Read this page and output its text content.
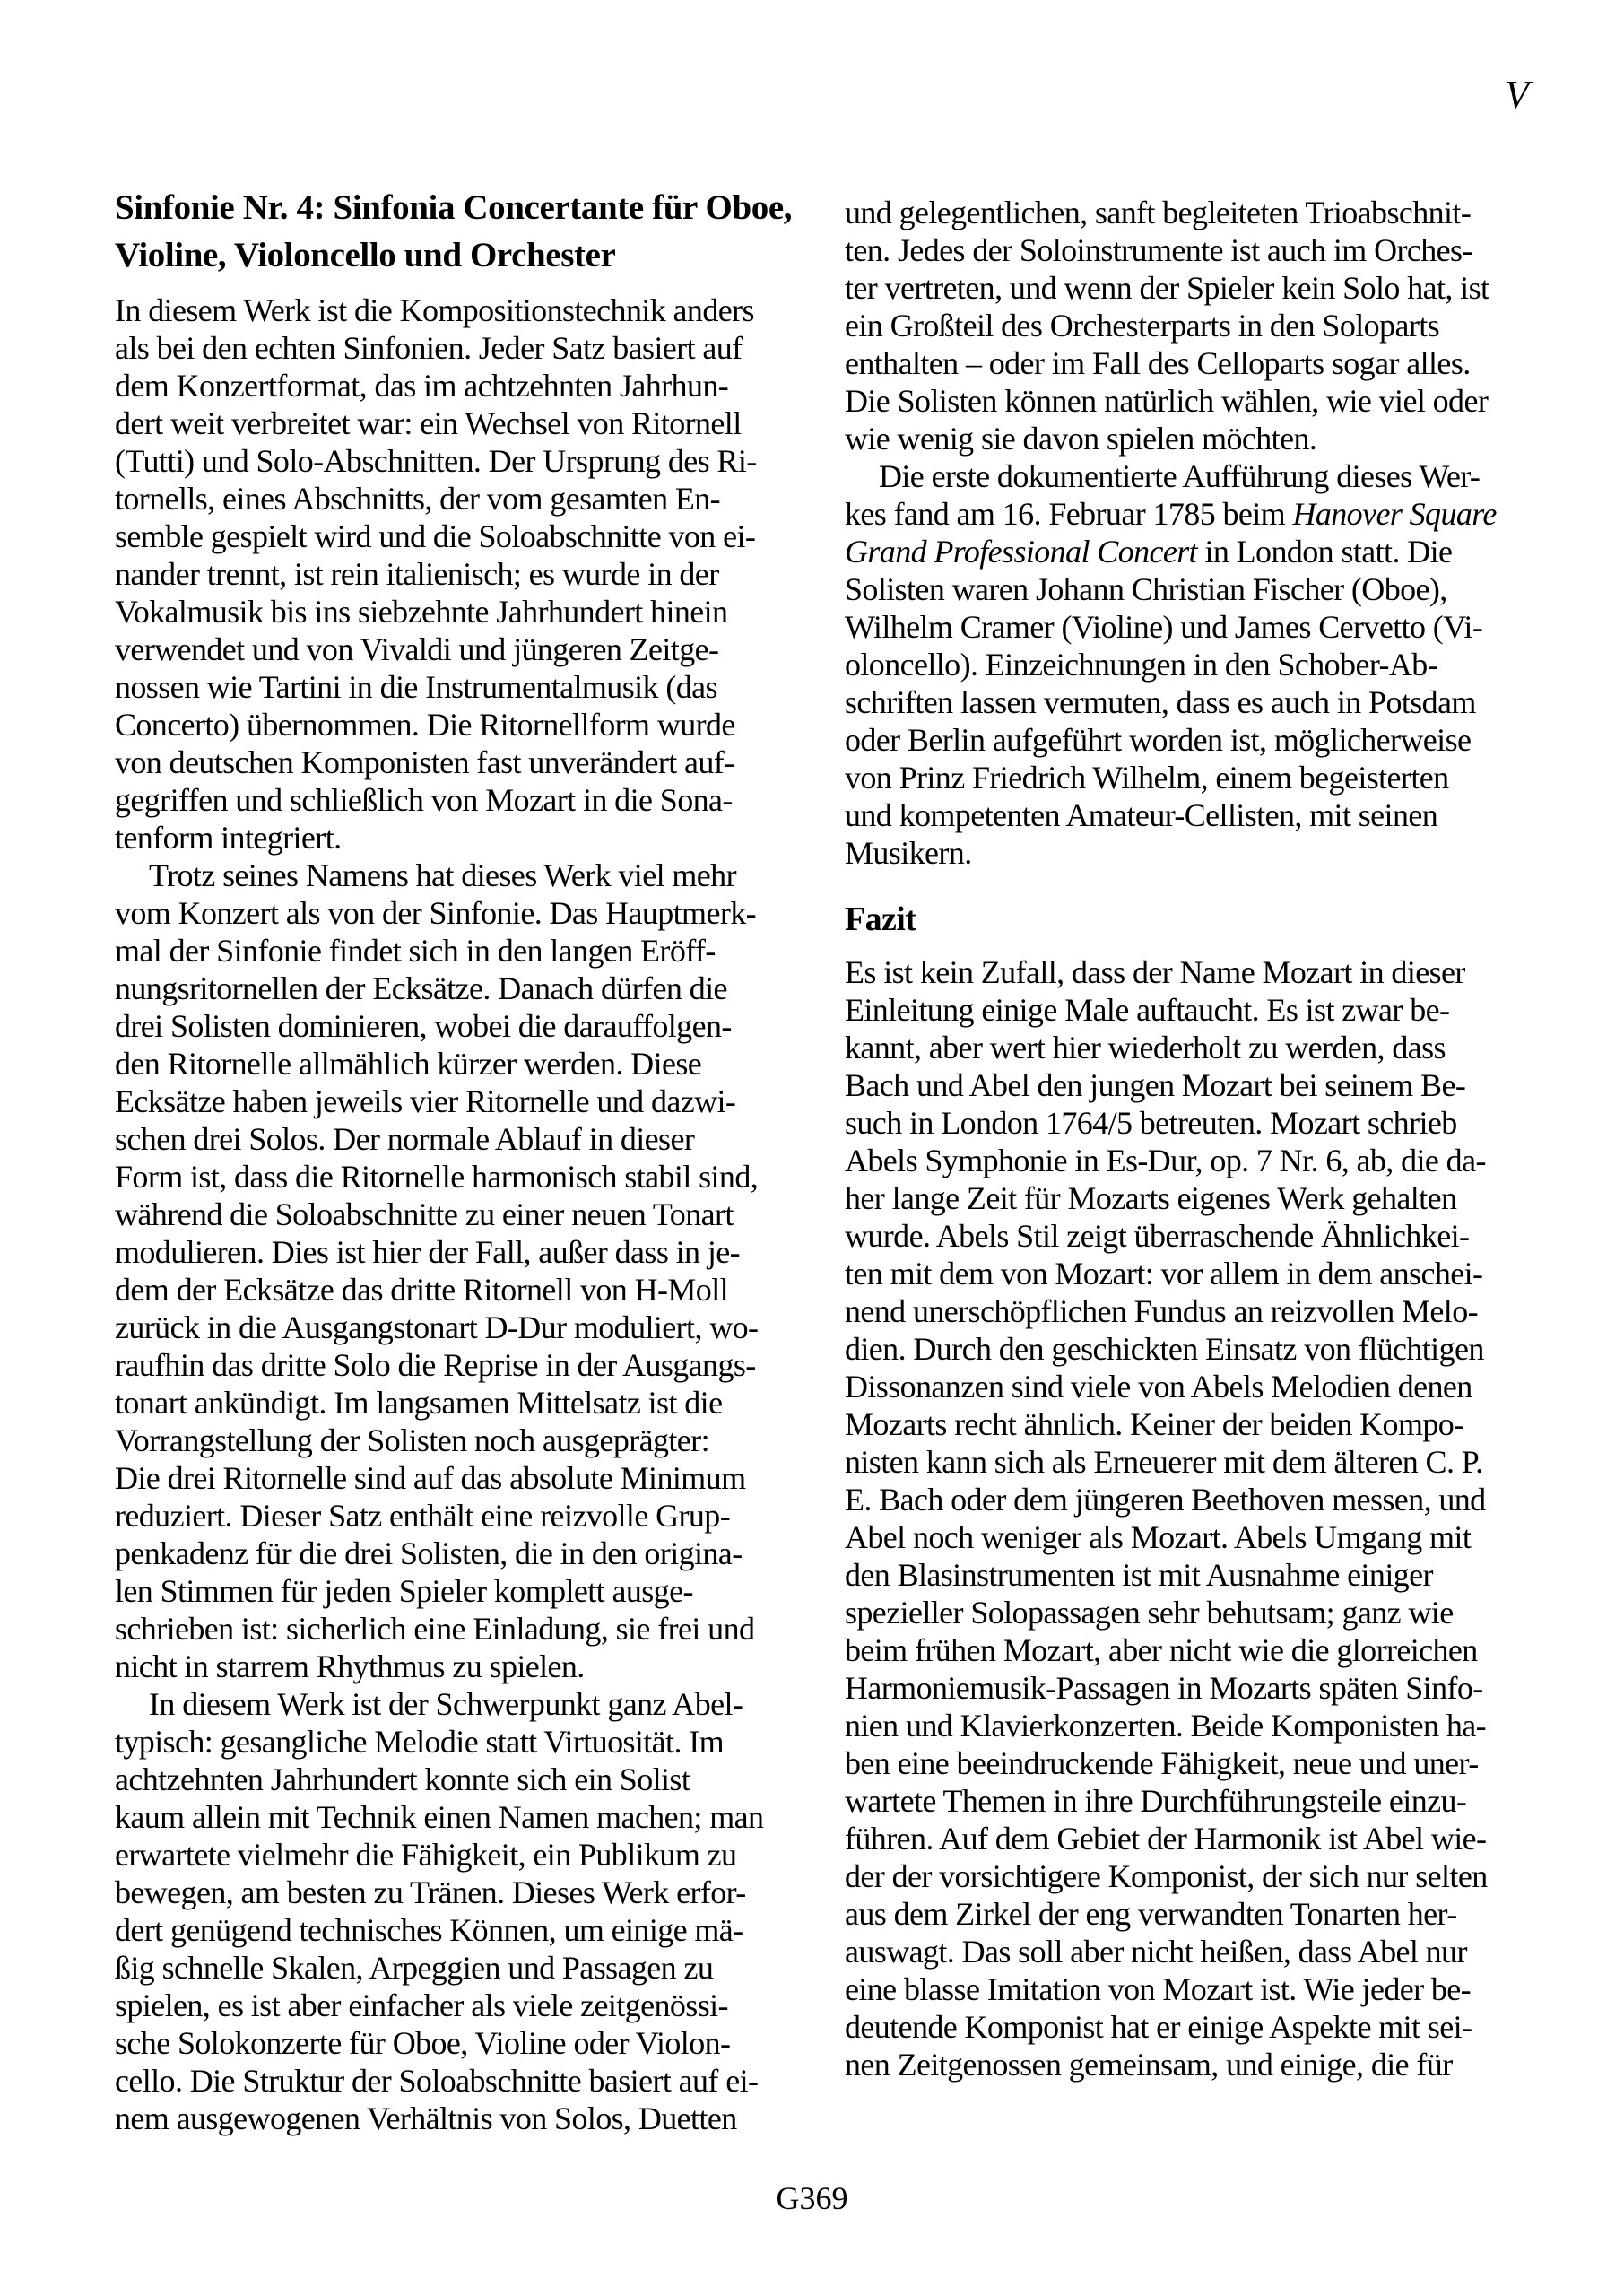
V
Sinfonie Nr. 4: Sinfonia Concertante für Oboe,
Violine, Violoncello und Orchester
In diesem Werk ist die Kompositionstechnik anders
als bei den echten Sinfonien. Jeder Satz basiert auf
dem Konzertformat, das im achtzehnten Jahrhun-
dert weit verbreitet war: ein Wechsel von Ritornell
(Tutti) und Solo-Abschnitten. Der Ursprung des Ri-
tornells, eines Abschnitts, der vom gesamten En-
semble gespielt wird und die Soloabschnitte von ei-
nander trennt, ist rein italienisch; es wurde in der
Vokalmusik bis ins siebzehnte Jahrhundert hinein
verwendet und von Vivaldi und jüngeren Zeitge-
nossen wie Tartini in die Instrumentalmusik (das
Concerto) übernommen. Die Ritornellform wurde
von deutschen Komponisten fast unverändert auf-
gegriffen und schließlich von Mozart in die Sona-
tenform integriert.
Trotz seines Namens hat dieses Werk viel mehr
vom Konzert als von der Sinfonie. Das Hauptmerk-
mal der Sinfonie findet sich in den langen Eröff-
nungsritornellen der Ecksätze. Danach dürfen die
drei Solisten dominieren, wobei die darauffolgen-
den Ritornelle allmählich kürzer werden. Diese
Ecksätze haben jeweils vier Ritornelle und dazwi-
schen drei Solos. Der normale Ablauf in dieser
Form ist, dass die Ritornelle harmonisch stabil sind,
während die Soloabschnitte zu einer neuen Tonart
modulieren. Dies ist hier der Fall, außer dass in je-
dem der Ecksätze das dritte Ritornell von H-Moll
zurück in die Ausgangstonart D-Dur moduliert, wo-
raufhin das dritte Solo die Reprise in der Ausgangs-
tonart ankündigt. Im langsamen Mittelsatz ist die
Vorrangstellung der Solisten noch ausgeprägter:
Die drei Ritornelle sind auf das absolute Minimum
reduziert. Dieser Satz enthält eine reizvolle Grup-
penkadenz für die drei Solisten, die in den origina-
len Stimmen für jeden Spieler komplett ausge-
schrieben ist: sicherlich eine Einladung, sie frei und
nicht in starrem Rhythmus zu spielen.
In diesem Werk ist der Schwerpunkt ganz Abel-
typisch: gesangliche Melodie statt Virtuosität. Im
achtzehnten Jahrhundert konnte sich ein Solist
kaum allein mit Technik einen Namen machen; man
erwartete vielmehr die Fähigkeit, ein Publikum zu
bewegen, am besten zu Tränen. Dieses Werk erfor-
dert genügend technisches Können, um einige mä-
ßig schnelle Skalen, Arpeggien und Passagen zu
spielen, es ist aber einfacher als viele zeitgenössi-
sche Solokonzerte für Oboe, Violine oder Violon-
cello. Die Struktur der Soloabschnitte basiert auf ei-
nem ausgewogenen Verhältnis von Solos, Duetten
und gelegentlichen, sanft begleiteten Trioabschnit-
ten. Jedes der Soloinstrumente ist auch im Orches-
ter vertreten, und wenn der Spieler kein Solo hat, ist
ein Großteil des Orchesterparts in den Soloparts
enthalten – oder im Fall des Celloparts sogar alles.
Die Solisten können natürlich wählen, wie viel oder
wie wenig sie davon spielen möchten.
Die erste dokumentierte Aufführung dieses Wer-
kes fand am 16. Februar 1785 beim Hanover Square
Grand Professional Concert in London statt. Die
Solisten waren Johann Christian Fischer (Oboe),
Wilhelm Cramer (Violine) und James Cervetto (Vi-
oloncello). Einzeichnungen in den Schober-Ab-
schriften lassen vermuten, dass es auch in Potsdam
oder Berlin aufgeführt worden ist, möglicherweise
von Prinz Friedrich Wilhelm, einem begeisterten
und kompetenten Amateur-Cellisten, mit seinen
Musikern.
Fazit
Es ist kein Zufall, dass der Name Mozart in dieser
Einleitung einige Male auftaucht. Es ist zwar be-
kannt, aber wert hier wiederholt zu werden, dass
Bach und Abel den jungen Mozart bei seinem Be-
such in London 1764/5 betreuten. Mozart schrieb
Abels Symphonie in Es-Dur, op. 7 Nr. 6, ab, die da-
her lange Zeit für Mozarts eigenes Werk gehalten
wurde. Abels Stil zeigt überraschende Ähnlichkei-
ten mit dem von Mozart: vor allem in dem anschei-
nend unerschöpflichen Fundus an reizvollen Melo-
dien. Durch den geschickten Einsatz von flüchtigen
Dissonanzen sind viele von Abels Melodien denen
Mozarts recht ähnlich. Keiner der beiden Kompo-
nisten kann sich als Erneuerer mit dem älteren C. P.
E. Bach oder dem jüngeren Beethoven messen, und
Abel noch weniger als Mozart. Abels Umgang mit
den Blasinstrumenten ist mit Ausnahme einiger
spezieller Solopassagen sehr behutsam; ganz wie
beim frühen Mozart, aber nicht wie die glorreichen
Harmoniemusik-Passagen in Mozarts späten Sinfo-
nien und Klavierkonzerten. Beide Komponisten ha-
ben eine beeindruckende Fähigkeit, neue und uner-
wartete Themen in ihre Durchführungsteile einzu-
führen. Auf dem Gebiet der Harmonik ist Abel wie-
der der vorsichtigere Komponist, der sich nur selten
aus dem Zirkel der eng verwandten Tonarten her-
auswagt. Das soll aber nicht heißen, dass Abel nur
eine blasse Imitation von Mozart ist. Wie jeder be-
deutende Komponist hat er einige Aspekte mit sei-
nen Zeitgenossen gemeinsam, und einige, die für
G369
